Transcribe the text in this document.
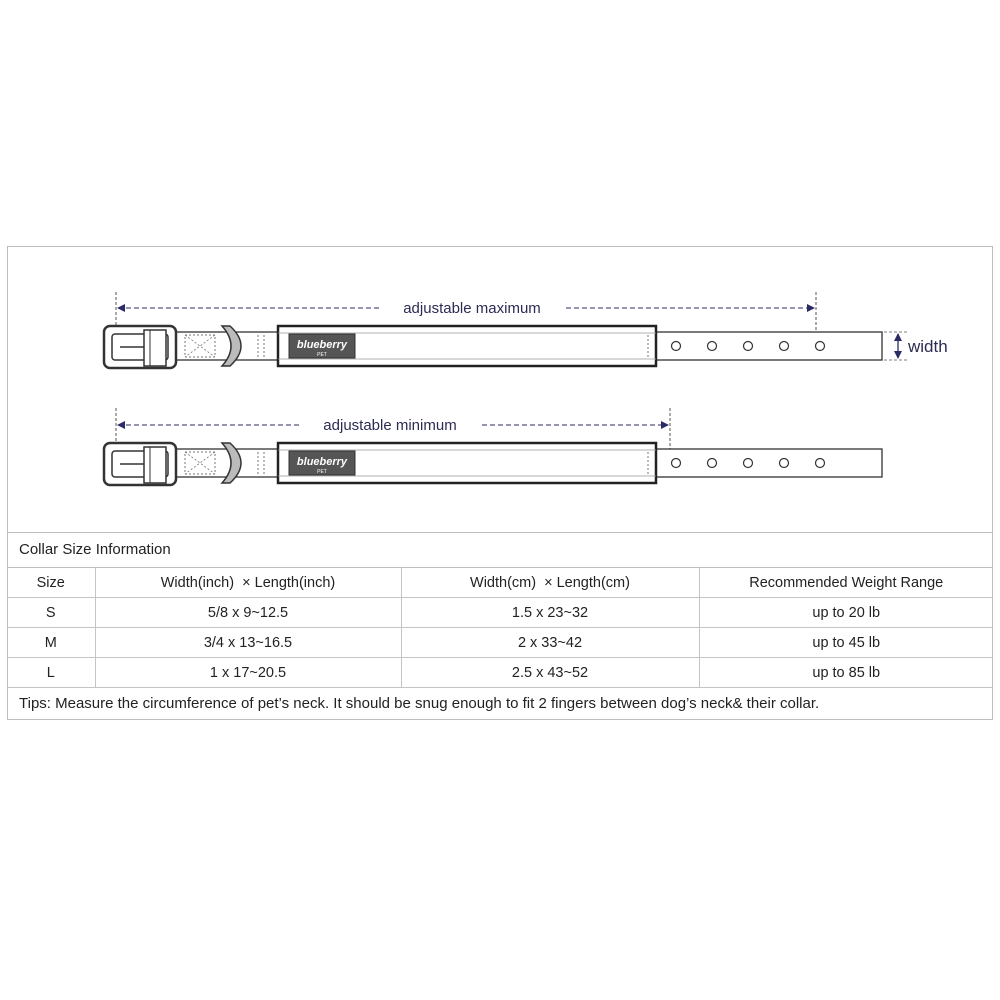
adjustable maximum
blueberry
PET	width
adjustable minimum
blueberry
PET
Collar Size Information
Size	Width(inch)  × Length(inch)	Width(cm)  × Length(cm)	Recommended Weight Range
S	5/8 x 9~12.5	1.5 x 23~32	up to 20 lb
M	3/4 x 13~16.5	2 x 33~42	up to 45 lb
L	1 x 17~20.5	2.5 x 43~52	up to 85 lb
Tips: Measure the circumference of pet’s neck. It should be snug enough to fit 2 fingers between dog’s neck& their collar.
